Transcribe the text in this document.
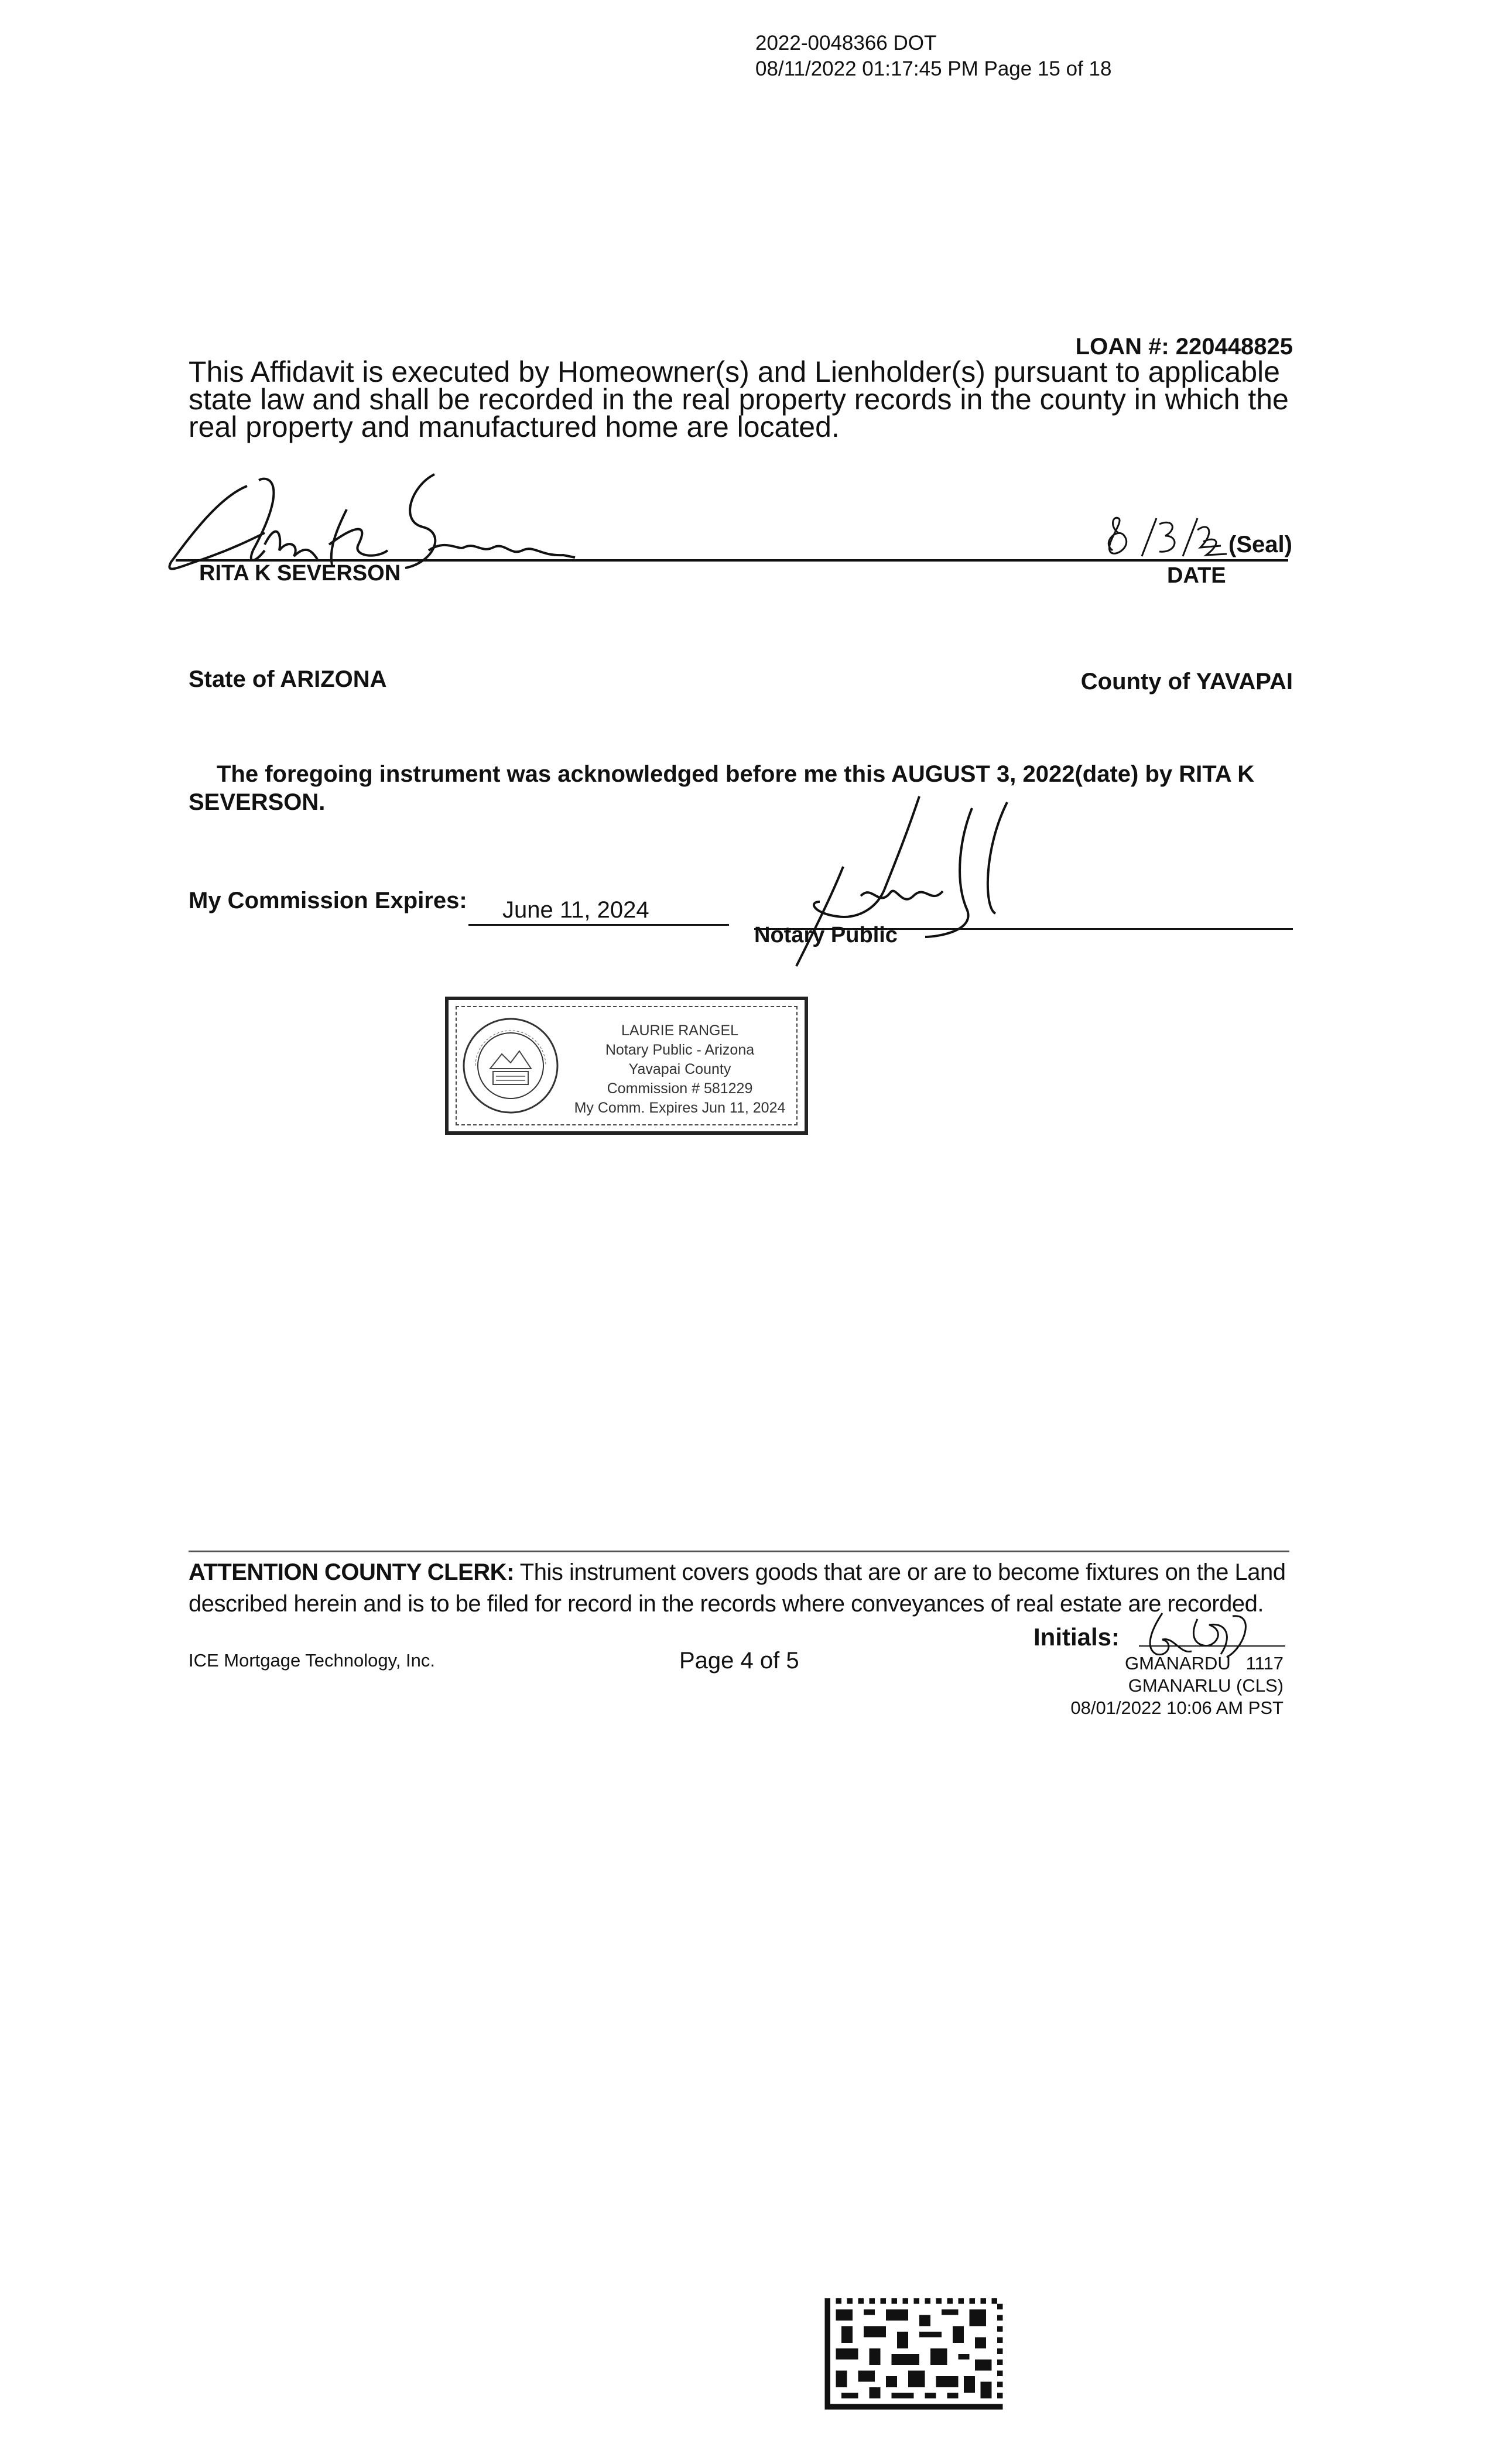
2022-0048366 DOT
08/11/2022 01:17:45 PM Page 15 of 18
LOAN #: 220448825
This Affidavit is executed by Homeowner(s) and Lienholder(s) pursuant to applicable state law and shall be recorded in the real property records in the county in which the real property and manufactured home are located.
RITA K SEVERSON
(Seal)
DATE
State of ARIZONA	County of YAVAPAI
The foregoing instrument was acknowledged before me this AUGUST 3, 2022(date) by RITA K SEVERSON.
My Commission Expires: June 11, 2024
Notary Public
LAURIE RANGEL
Notary Public - Arizona
Yavapai County
Commission # 581229
My Comm. Expires Jun 11, 2024
ATTENTION COUNTY CLERK: This instrument covers goods that are or are to become fixtures on the Land described herein and is to be filed for record in the records where conveyances of real estate are recorded.
Initials:
ICE Mortgage Technology, Inc.	Page 4 of 5	GMANARDU   1117
GMANARLU (CLS)
08/01/2022 10:06 AM PST
